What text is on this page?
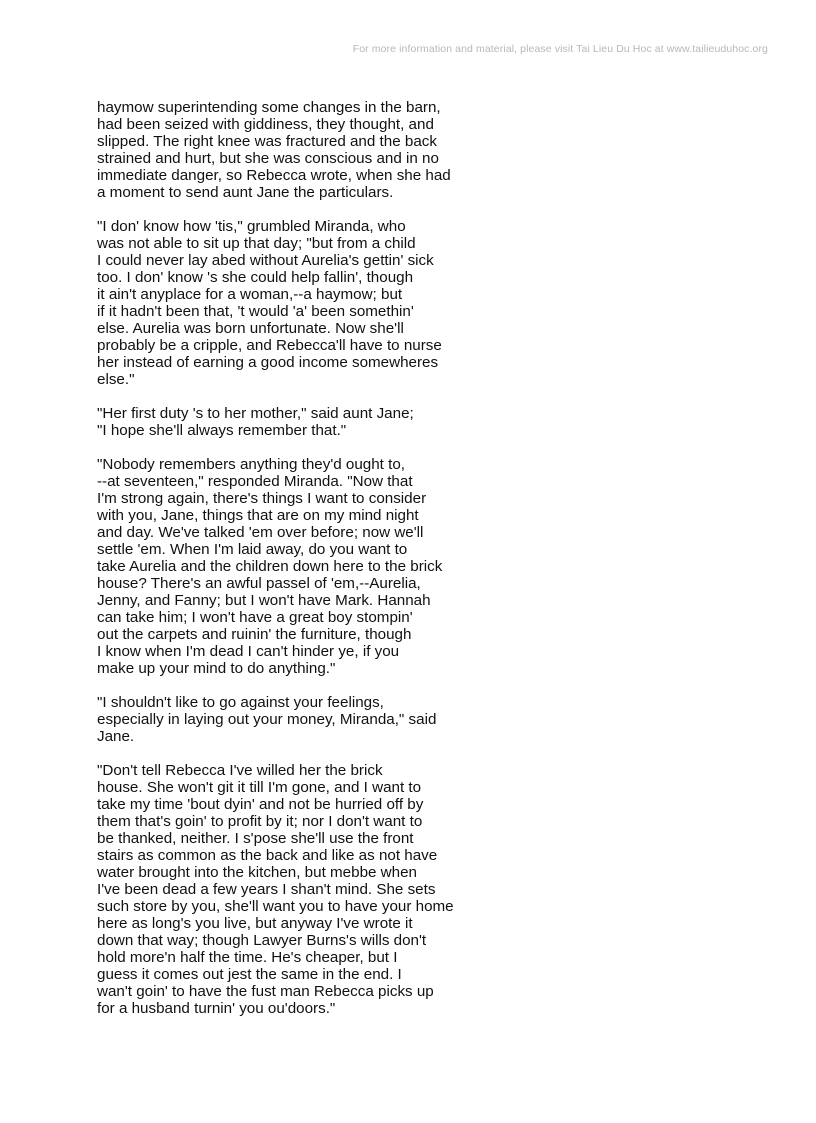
For more information and material, please visit Tai Lieu Du Hoc at www.tailieuduhoc.org
haymow superintending some changes in the barn,
had been seized with giddiness, they thought, and
slipped. The right knee was fractured and the back
strained and hurt, but she was conscious and in no
immediate danger, so Rebecca wrote, when she had
a moment to send aunt Jane the particulars.
"I don' know how 'tis," grumbled Miranda, who
was not able to sit up that day; "but from a child
I could never lay abed without Aurelia's gettin' sick
too. I don' know 's she could help fallin', though
it ain't anyplace for a woman,--a haymow; but
if it hadn't been that, 't would 'a' been somethin'
else. Aurelia was born unfortunate. Now she'll
probably be a cripple, and Rebecca'll have to nurse
her instead of earning a good income somewheres
else."
"Her first duty 's to her mother," said aunt Jane;
"I hope she'll always remember that."
"Nobody remembers anything they'd ought to,
--at seventeen," responded Miranda. "Now that
I'm strong again, there's things I want to consider
with you, Jane, things that are on my mind night
and day. We've talked 'em over before; now we'll
settle 'em. When I'm laid away, do you want to
take Aurelia and the children down here to the brick
house? There's an awful passel of 'em,--Aurelia,
Jenny, and Fanny; but I won't have Mark. Hannah
can take him; I won't have a great boy stompin'
out the carpets and ruinin' the furniture, though
I know when I'm dead I can't hinder ye, if you
make up your mind to do anything."
"I shouldn't like to go against your feelings,
especially in laying out your money, Miranda," said
Jane.
"Don't tell Rebecca I've willed her the brick
house. She won't git it till I'm gone, and I want to
take my time 'bout dyin' and not be hurried off by
them that's goin' to profit by it; nor I don't want to
be thanked, neither. I s'pose she'll use the front
stairs as common as the back and like as not have
water brought into the kitchen, but mebbe when
I've been dead a few years I shan't mind. She sets
such store by you, she'll want you to have your home
here as long's you live, but anyway I've wrote it
down that way; though Lawyer Burns's wills don't
hold more'n half the time. He's cheaper, but I
guess it comes out jest the same in the end. I
wan't goin' to have the fust man Rebecca picks up
for a husband turnin' you ou'doors."
